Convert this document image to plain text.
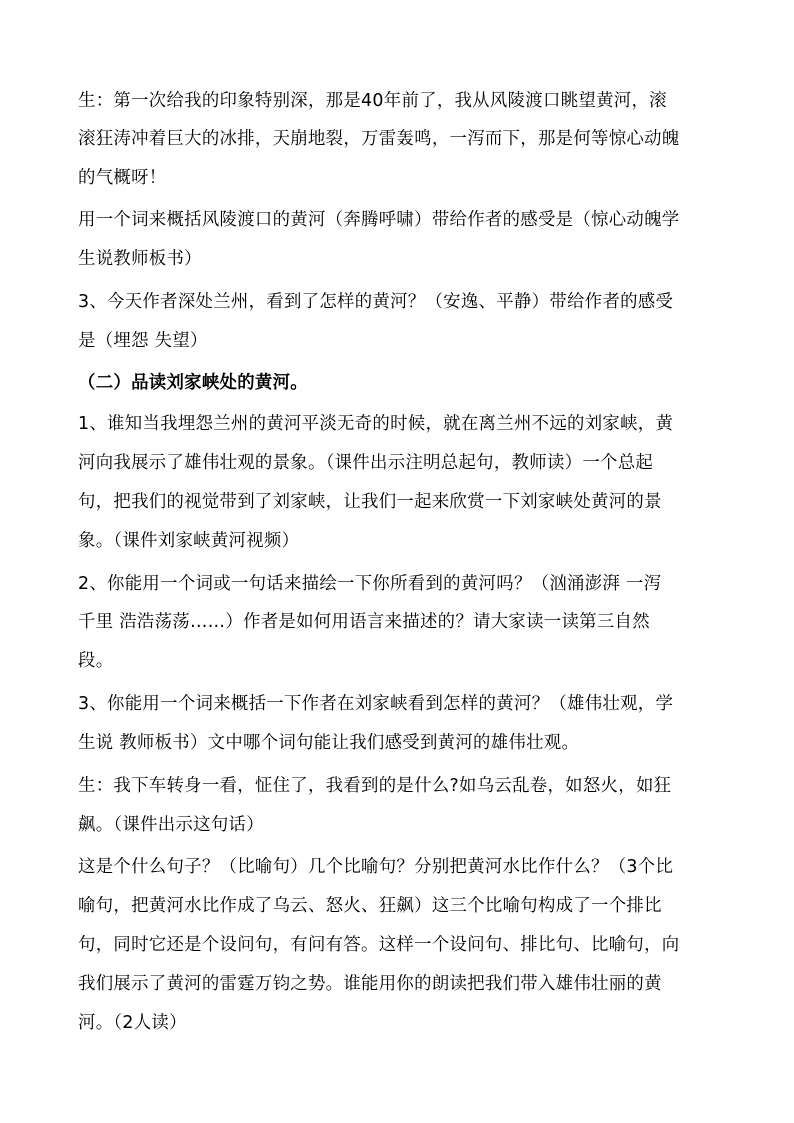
生：第一次给我的印象特别深，那是40年前了，我从风陵渡口眺望黄河，滚
滚狂涛冲着巨大的冰排，天崩地裂，万雷轰鸣，一泻而下，那是何等惊心动魄
的气概呀！
用一个词来概括风陵渡口的黄河（奔腾呼啸）带给作者的感受是（惊心动魄学
生说教师板书）
3、今天作者深处兰州，看到了怎样的黄河？（安逸、平静）带给作者的感受
是（埋怨 失望）
（二）品读刘家峡处的黄河。
1、谁知当我埋怨兰州的黄河平淡无奇的时候，就在离兰州不远的刘家峡，黄
河向我展示了雄伟壮观的景象。（课件出示注明总起句，教师读）一个总起
句，把我们的视觉带到了刘家峡，让我们一起来欣赏一下刘家峡处黄河的景
象。（课件刘家峡黄河视频）
2、你能用一个词或一句话来描绘一下你所看到的黄河吗？（汹涌澎湃 一泻
千里 浩浩荡荡……）作者是如何用语言来描述的？请大家读一读第三自然
段。
3、你能用一个词来概括一下作者在刘家峡看到怎样的黄河？（雄伟壮观，学
生说 教师板书）文中哪个词句能让我们感受到黄河的雄伟壮观。
生：我下车转身一看，怔住了，我看到的是什么?如乌云乱卷，如怒火，如狂
飙。（课件出示这句话）
这是个什么句子？（比喻句）几个比喻句？分别把黄河水比作什么？（3个比
喻句，把黄河水比作成了乌云、怒火、狂飙）这三个比喻句构成了一个排比
句，同时它还是个设问句，有问有答。这样一个设问句、排比句、比喻句，向
我们展示了黄河的雷霆万钧之势。谁能用你的朗读把我们带入雄伟壮丽的黄
河。（2人读）
